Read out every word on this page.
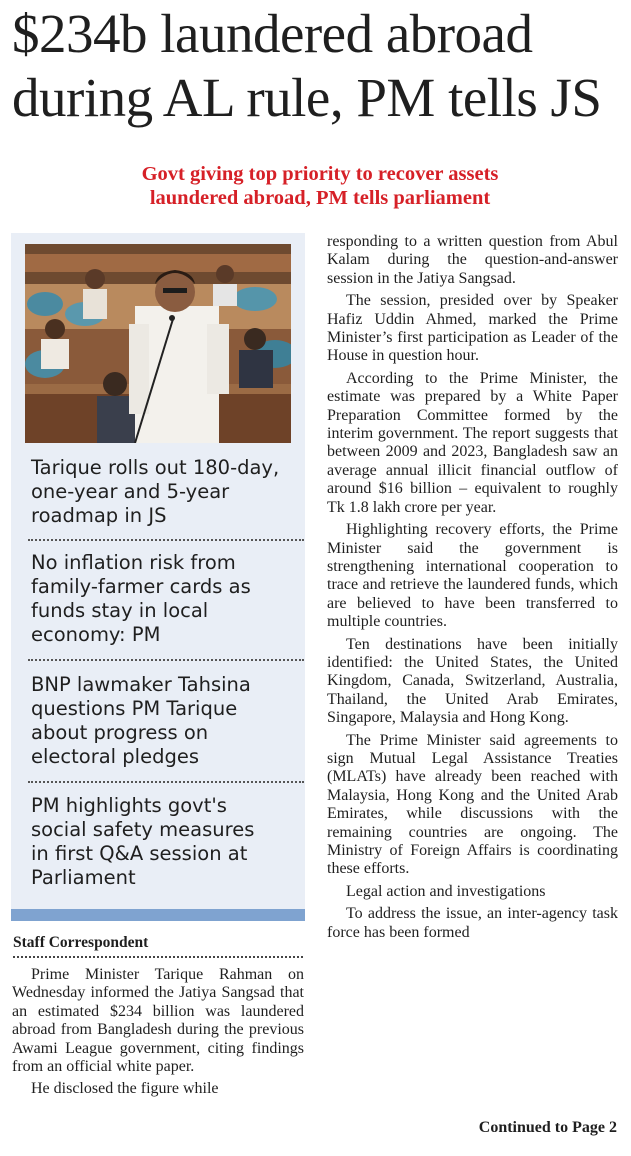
$234b laundered abroad
during AL rule, PM tells JS
Govt giving top priority to recover assets
laundered abroad, PM tells parliament
Tarique rolls out 180-day,
one-year and 5-year
roadmap in JS
No inflation risk from
family-farmer cards as
funds stay in local
economy: PM
BNP lawmaker Tahsina
questions PM Tarique
about progress on
electoral pledges
PM highlights govt's
social safety measures
in first Q&A session at
Parliament
Staff Correspondent

Prime Minister Tarique Rahman on Wednesday informed the Jatiya Sangsad that an estimated $234 billion was laundered abroad from Bangladesh during the previous Awami League government, citing findings from an official white paper.

He disclosed the figure while

responding to a written question from Abul Kalam during the question-and-answer session in the Jatiya Sangsad.

The session, presided over by Speaker Hafiz Uddin Ahmed, marked the Prime Minister’s first participation as Leader of the House in question hour.

According to the Prime Minister, the estimate was prepared by a White Paper Preparation Committee formed by the interim government. The report suggests that between 2009 and 2023, Bangladesh saw an average annual illicit financial outflow of around $16 billion – equivalent to roughly Tk 1.8 lakh crore per year.

Highlighting recovery efforts, the Prime Minister said the government is strengthening international cooperation to trace and retrieve the laundered funds, which are believed to have been transferred to multiple countries.

Ten destinations have been initially identified: the United States, the United Kingdom, Canada, Switzerland, Australia, Thailand, the United Arab Emirates, Singapore, Malaysia and Hong Kong.

The Prime Minister said agreements to sign Mutual Legal Assistance Treaties (MLATs) have already been reached with Malaysia, Hong Kong and the United Arab Emirates, while discussions with the remaining countries are ongoing. The Ministry of Foreign Affairs is coordinating these efforts.

Legal action and investigations

To address the issue, an inter-agency task force has been formed

Continued to Page 2
